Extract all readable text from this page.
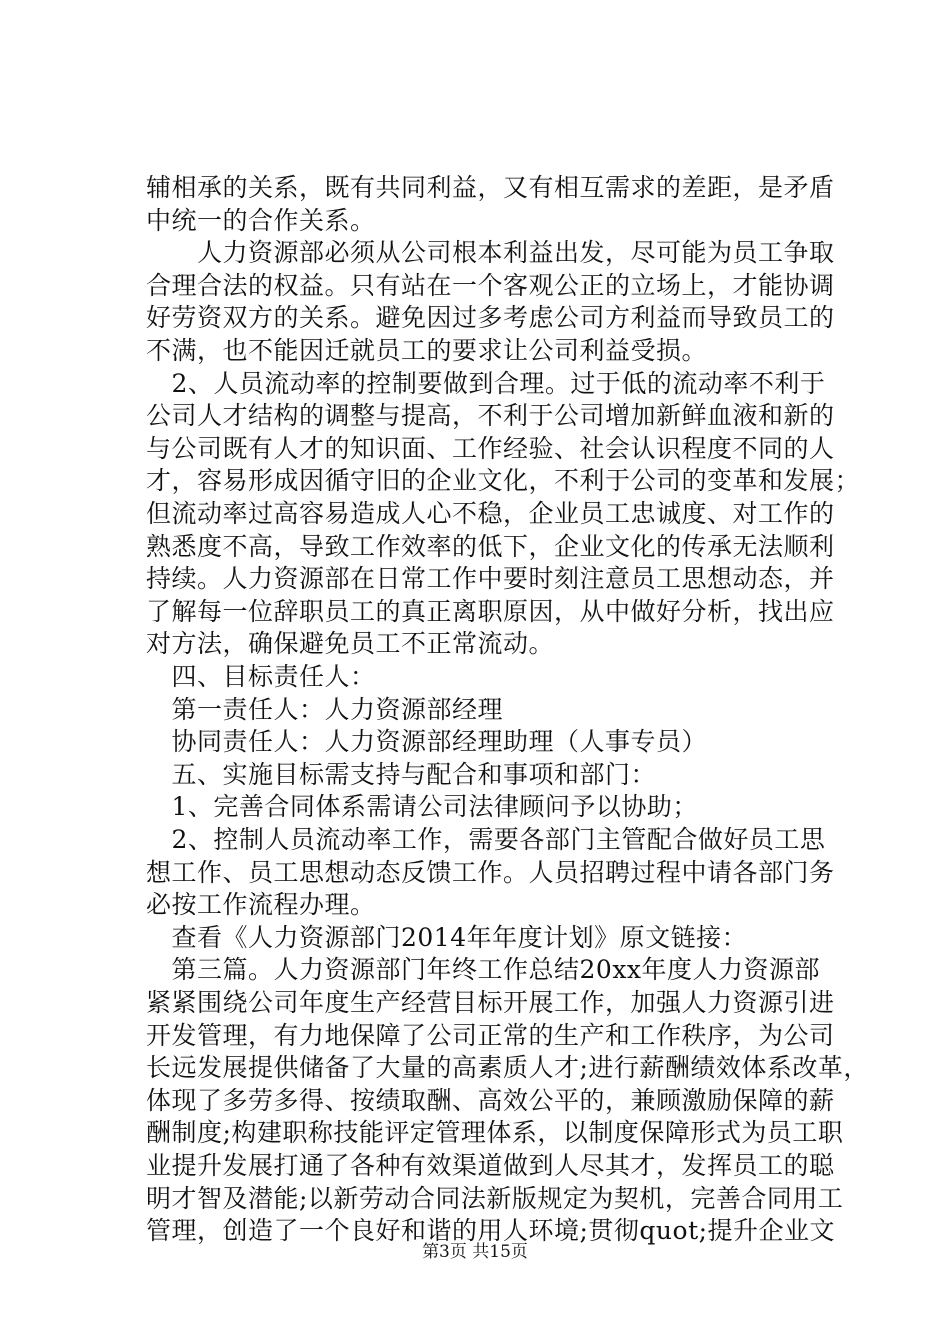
辅相承的关系，既有共同利益，又有相互需求的差距，是矛盾
中统一的合作关系。
　　人力资源部必须从公司根本利益出发，尽可能为员工争取
合理合法的权益。只有站在一个客观公正的立场上，才能协调
好劳资双方的关系。避免因过多考虑公司方利益而导致员工的
不满，也不能因迁就员工的要求让公司利益受损。
　2、人员流动率的控制要做到合理。过于低的流动率不利于
公司人才结构的调整与提高，不利于公司增加新鲜血液和新的
与公司既有人才的知识面、工作经验、社会认识程度不同的人
才，容易形成因循守旧的企业文化，不利于公司的变革和发展；
但流动率过高容易造成人心不稳，企业员工忠诚度、对工作的
熟悉度不高，导致工作效率的低下，企业文化的传承无法顺利
持续。人力资源部在日常工作中要时刻注意员工思想动态，并
了解每一位辞职员工的真正离职原因，从中做好分析，找出应
对方法，确保避免员工不正常流动。
　四、目标责任人：
　第一责任人：人力资源部经理
　协同责任人：人力资源部经理助理（人事专员）
　五、实施目标需支持与配合和事项和部门：
　1、完善合同体系需请公司法律顾问予以协助；
　2、控制人员流动率工作，需要各部门主管配合做好员工思
想工作、员工思想动态反馈工作。人员招聘过程中请各部门务
必按工作流程办理。
　查看《人力资源部门2014年年度计划》原文链接：
　第三篇。人力资源部门年终工作总结20xx年度人力资源部
紧紧围绕公司年度生产经营目标开展工作，加强人力资源引进
开发管理，有力地保障了公司正常的生产和工作秩序，为公司
长远发展提供储备了大量的高素质人才;进行薪酬绩效体系改革，
体现了多劳多得、按绩取酬、高效公平的，兼顾激励保障的薪
酬制度;构建职称技能评定管理体系，以制度保障形式为员工职
业提升发展打通了各种有效渠道做到人尽其才，发挥员工的聪
明才智及潜能;以新劳动合同法新版规定为契机，完善合同用工
管理，创造了一个良好和谐的用人环境;贯彻quot;提升企业文
第3页 共15页
